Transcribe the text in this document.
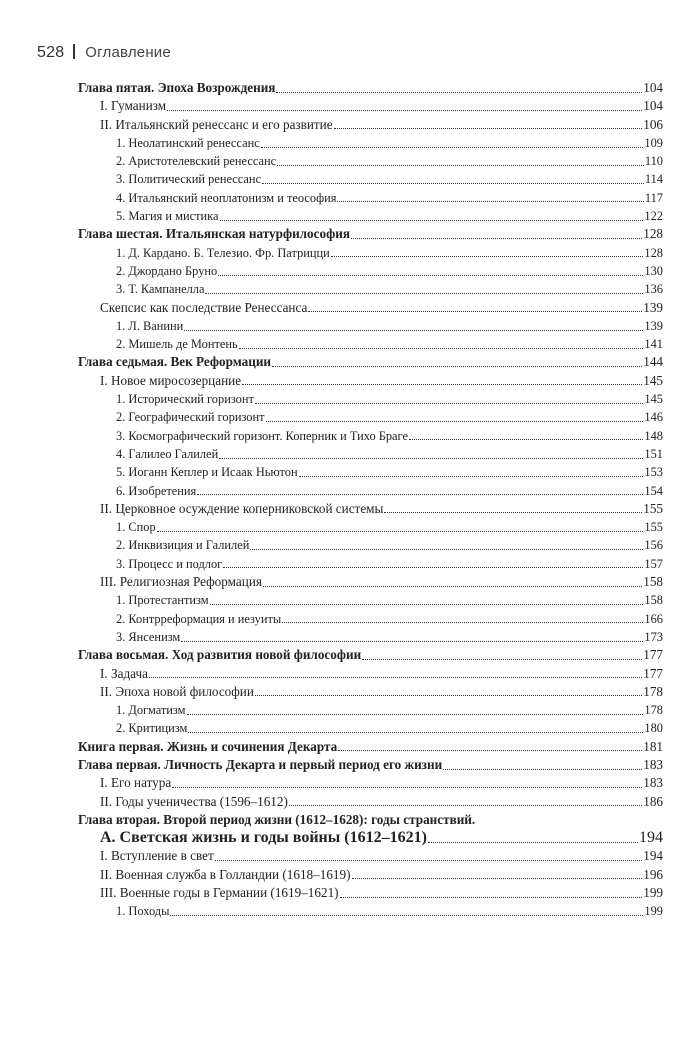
528 Оглавление
Глава пятая. Эпоха Возрождения	104
I. Гуманизм	104
II. Итальянский ренессанс и его развитие	106
1. Неолатинский ренессанс	109
2. Аристотелевский ренессанс	110
3. Политический ренессанс	114
4. Итальянский неоплатонизм и теософия	117
5. Магия и мистика	122
Глава шестая. Итальянская натурфилософия	128
1. Д. Кардано. Б. Телезио. Фр. Патрицци	128
2. Джордано Бруно	130
3. Т. Кампанелла	136
Скепсис как последствие Ренессанса	139
1. Л. Ванини	139
2. Мишель де Монтень	141
Глава седьмая. Век Реформации	144
I. Новое миросозерцание	145
1. Исторический горизонт	145
2. Географический горизонт	146
3. Космографический горизонт. Коперник и Тихо Браге	148
4. Галилео Галилей	151
5. Иоганн Кеплер и Исаак Ньютон	153
6. Изобретения	154
II. Церковное осуждение коперниковской системы	155
1. Спор	155
2. Инквизиция и Галилей	156
3. Процесс и подлог	157
III. Религиозная Реформация	158
1. Протестантизм	158
2. Контрреформация и иезуиты	166
3. Янсенизм	173
Глава восьмая. Ход развития новой философии	177
I. Задача	177
II. Эпоха новой философии	178
1. Догматизм	178
2. Критицизм	180
Книга первая. Жизнь и сочинения Декарта	181
Глава первая. Личность Декарта и первый период его жизни	183
I. Его натура	183
II. Годы ученичества (1596–1612)	186
Глава вторая. Второй период жизни (1612–1628): годы странствий.
А. Светская жизнь и годы войны (1612–1621)	194
I. Вступление в свет	194
II. Военная служба в Голландии (1618–1619)	196
III. Военные годы в Германии (1619–1621)	199
1. Походы	199
